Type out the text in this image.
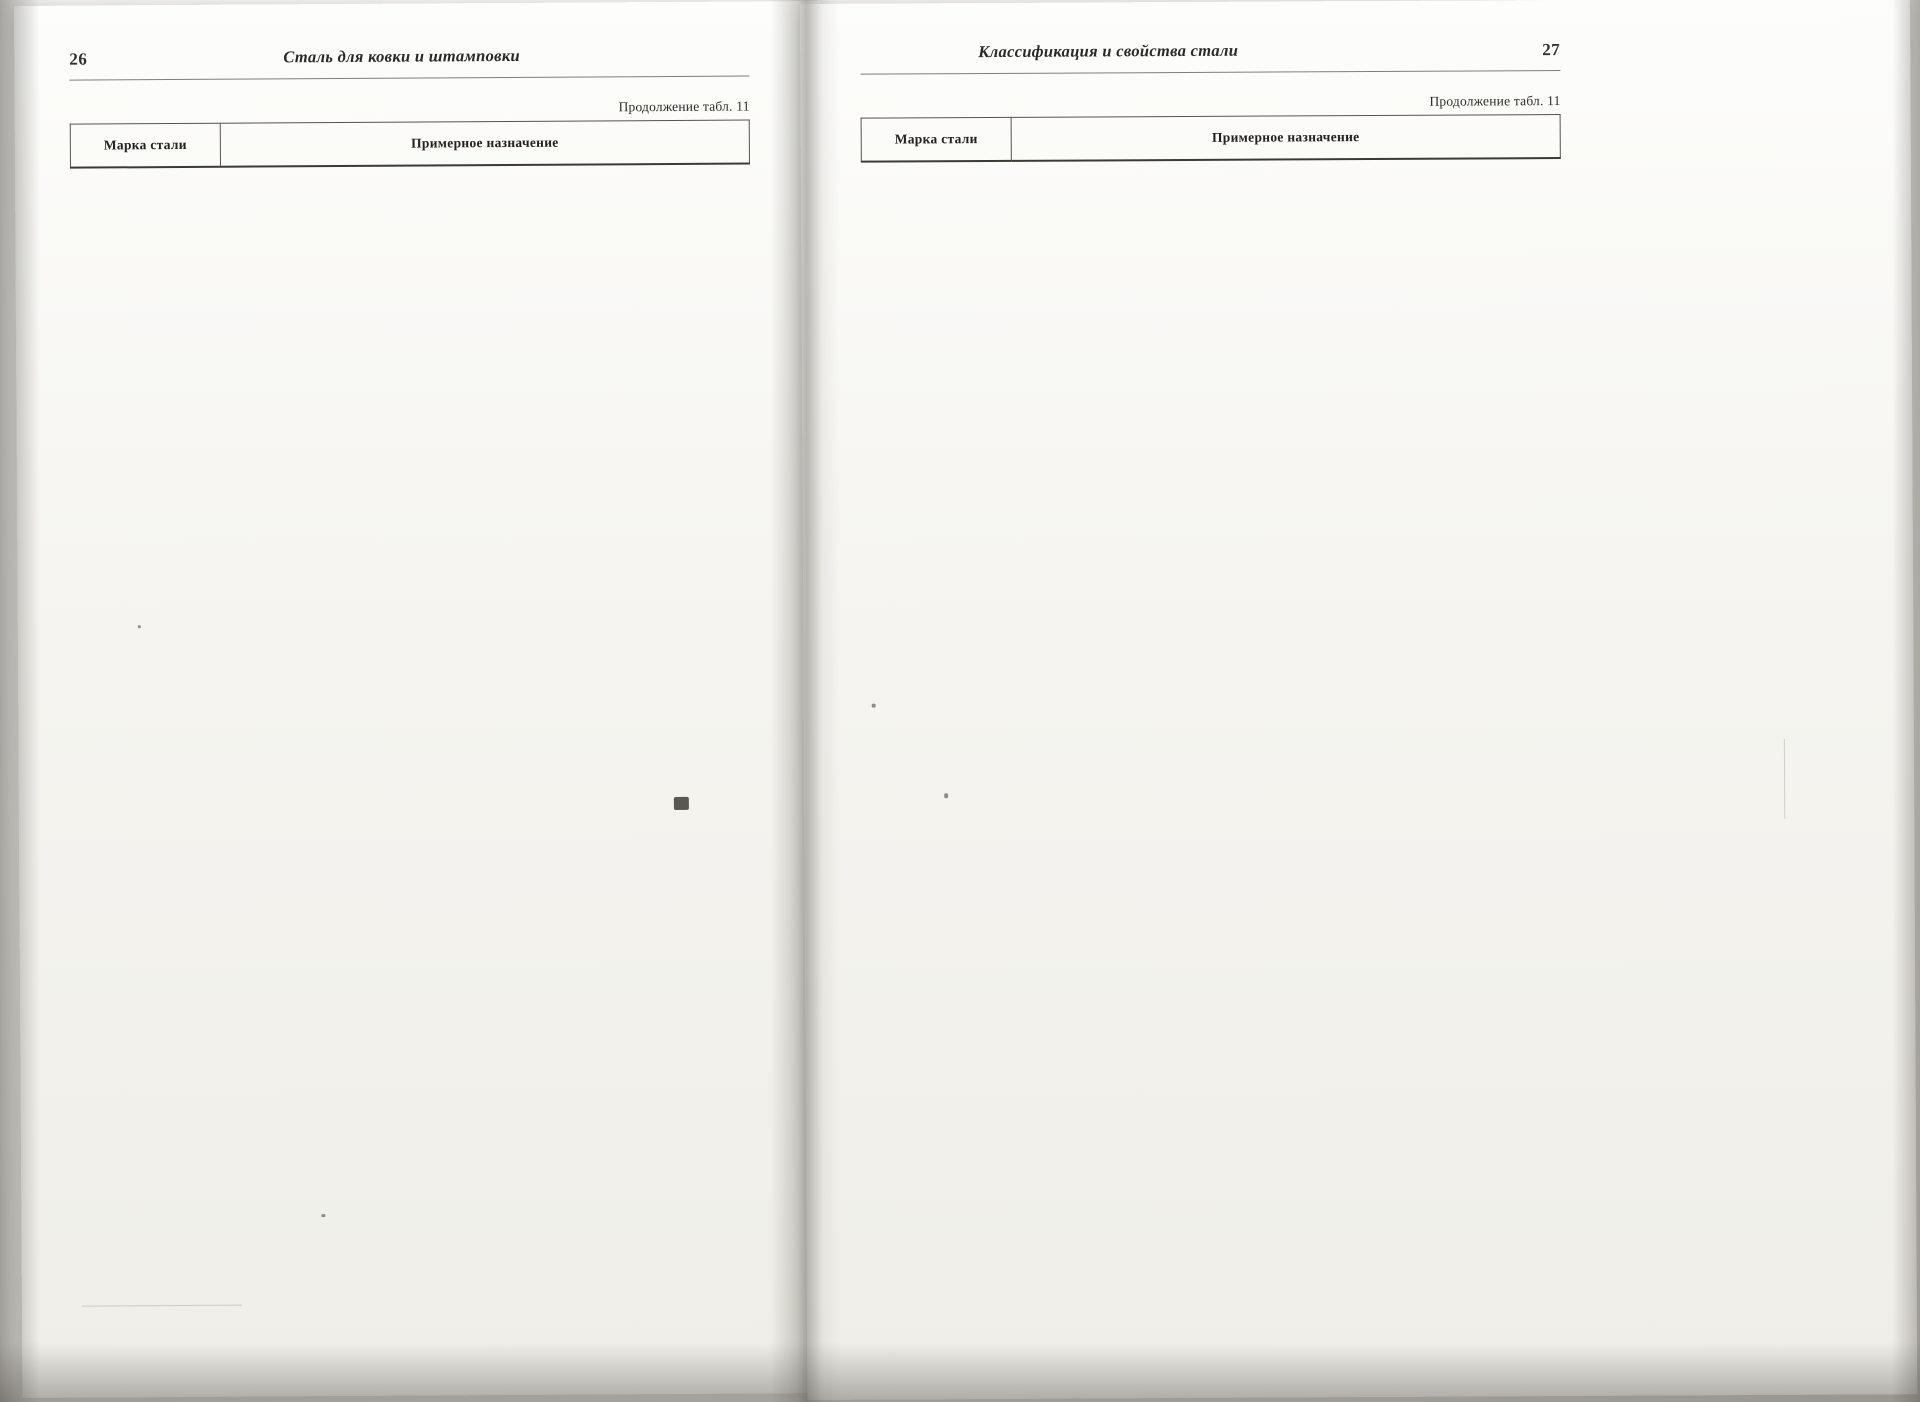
26	Сталь для ковки и штамповки
Продолжение табл. 11
Марка стали	Примерное назначение
Классификация и свойства стали	27
Продолжение табл. 11
Марка стали	Примерное назначение
